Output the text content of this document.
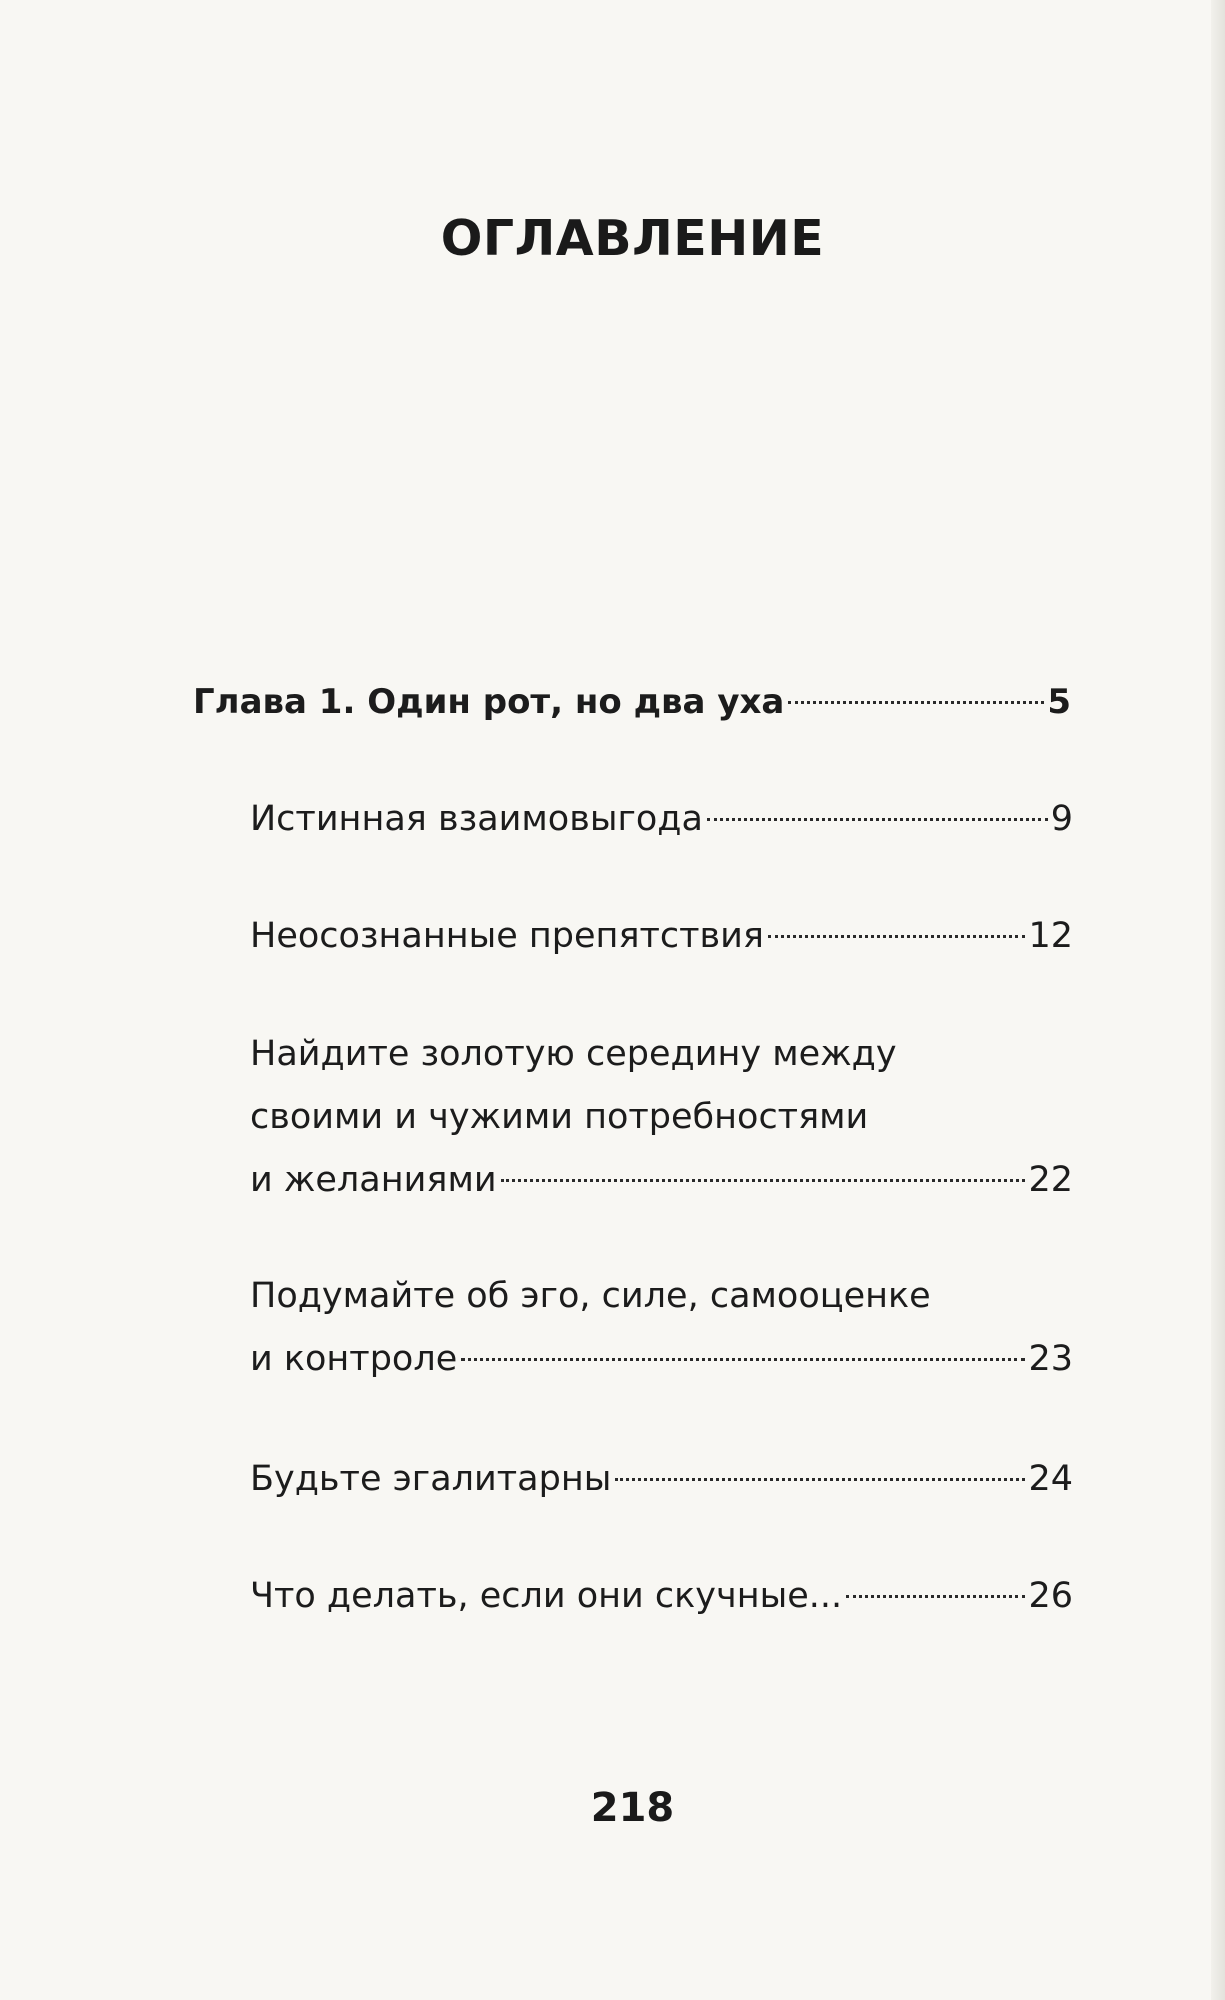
ОГЛАВЛЕНИЕ
Глава 1. Один рот, но два уха	5
Истинная взаимовыгода	9
Неосознанные препятствия	12
Найдите золотую середину между
своими и чужими потребностями
и желаниями	22
Подумайте об эго, силе, самооценке
и контроле	23
Будьте эгалитарны	24
Что делать, если они скучные...	26
218
